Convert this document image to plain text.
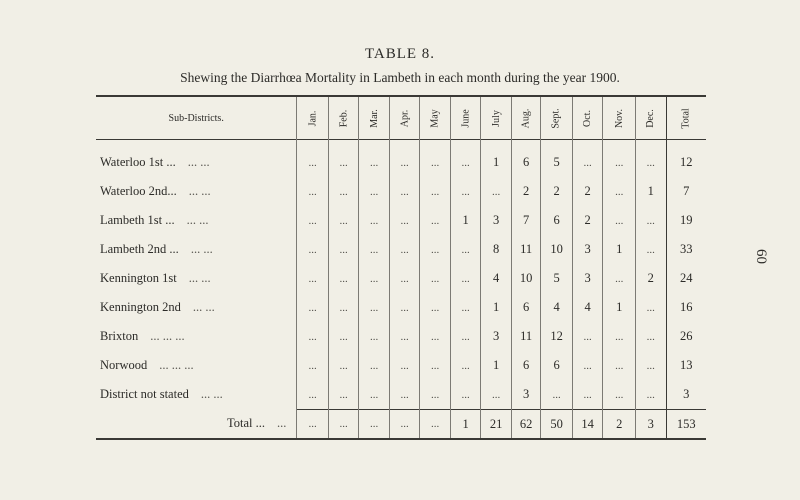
TABLE 8.
Shewing the Diarrhœa Mortality in Lambeth in each month during the year 1900.
60
Sub-Districts.	Jan.	Feb.	Mar.	Apr.	May	June	July	Aug.	Sept.	Oct.	Nov.	Dec.	Total
Waterloo 1st ... ... ...	...	...	...	...	...	...	1	6	5	...	...	...	12
Waterloo 2nd... ... ...	...	...	...	...	...	...	...	2	2	2	...	1	7
Lambeth 1st ... ... ...	...	...	...	...	...	1	3	7	6	2	...	...	19
Lambeth 2nd ... ... ...	...	...	...	...	...	...	8	11	10	3	1	...	33
Kennington 1st ... ...	...	...	...	...	...	...	4	10	5	3	...	2	24
Kennington 2nd ... ...	...	...	...	...	...	...	1	6	4	4	1	...	16
Brixton ... ... ...	...	...	...	...	...	...	3	11	12	...	...	...	26
Norwood ... ... ...	...	...	...	...	...	...	1	6	6	...	...	...	13
District not stated ... ...	...	...	...	...	...	...	...	3	...	...	...	...	3
Total ... ...	...	...	...	...	...	1	21	62	50	14	2	3	153
